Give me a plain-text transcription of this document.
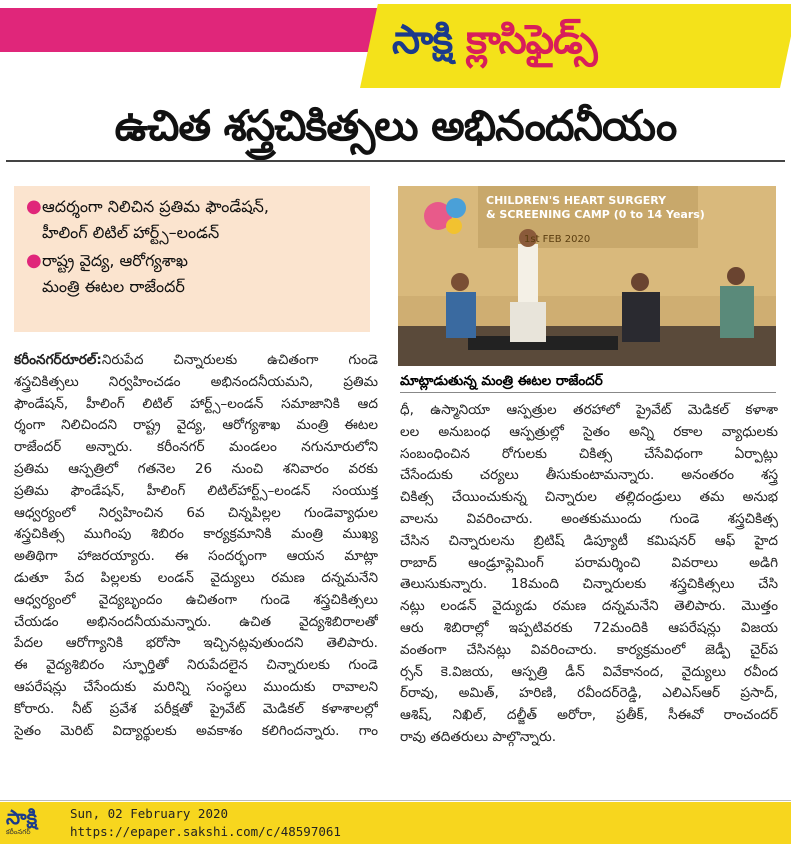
సాక్షి క్లాసిఫైడ్స్
ఉచిత శస్త్రచికిత్సలు అభినందనీయం
● ఆదర్శంగా నిలిచిన ప్రతిమ ఫౌండేషన్,
హీలింగ్ లిటిల్ హార్ట్స్–లండన్
● రాష్ట్ర వైద్య, ఆరోగ్యశాఖ
మంత్రి ఈటల రాజేందర్
CHILDREN'S HEART SURGERY
& SCREENING CAMP (0 to 14 Years)
1st FEB 2020
మాట్లాడుతున్న మంత్రి ఈటల రాజేందర్
కరీంనగర్‌రూరల్:నిరుపేద చిన్నారులకు ఉచితంగా గుండె
శస్త్రచికిత్సలు నిర్వహించడం అభినందనీయమని, ప్రతిమ
ఫౌండేషన్, హీలింగ్ లిటిల్ హార్ట్స్–లండన్ సమాజానికి ఆద
ర్శంగా నిలిచిందని రాష్ట్ర వైద్య, ఆరోగ్యశాఖ మంత్రి ఈటల
రాజేందర్ అన్నారు. కరీంనగర్ మండలం నగునూరులోని
ప్రతిమ ఆస్పత్రిలో గతనెల 26 నుంచి శనివారం వరకు
ప్రతిమ ఫౌండేషన్, హీలింగ్ లిటిల్‌హార్ట్స్–లండన్ సంయుక్త
ఆధ్వర్యంలో నిర్వహించిన 6వ చిన్నపిల్లల గుండెవ్యాధుల
శస్త్రచికిత్స ముగింపు శిబిరం కార్యక్రమానికి మంత్రి ముఖ్య
అతిథిగా హాజరయ్యారు. ఈ సందర్భంగా ఆయన మాట్లా
డుతూ పేద పిల్లలకు లండన్ వైద్యులు రమణ దన్నమనేని
ఆధ్వర్యంలో వైద్యబృందం ఉచితంగా గుండె శస్త్రచికిత్సలు
చేయడం అభినందనీయమన్నారు. ఉచిత వైద్యశిబిరాలతో
పేదల ఆరోగ్యానికి భరోసా ఇచ్చినట్లవుతుందని తెలిపారు.
ఈ వైద్యశిబిరం స్ఫూర్తితో నిరుపేదలైన చిన్నారులకు గుండె
ఆపరేషన్లు చేసేందుకు మరిన్ని సంస్థలు ముందుకు రావాలని
కోరారు. నీట్ ప్రవేశ పరీక్షతో ప్రైవేట్ మెడికల్ కళాశాలల్లో
సైతం మెరిట్ విద్యార్థులకు అవకాశం కలిగిందన్నారు. గాం
ధీ, ఉస్మానియా ఆస్పత్రుల తరహాలో ప్రైవేట్ మెడికల్ కళాశా
లల అనుబంధ ఆస్పత్రుల్లో సైతం అన్ని రకాల వ్యాధులకు
సంబంధించిన రోగులకు చికిత్స చేసేవిధంగా ఏర్పాట్లు
చేసేందుకు చర్యలు తీసుకుంటామన్నారు. అనంతరం శస్త్ర
చికిత్స చేయించుకున్న చిన్నారుల తల్లిదండ్రులు తమ అనుభ
వాలను వివరించారు. అంతకుముందు గుండె శస్త్రచికిత్స
చేసిన చిన్నారులను బ్రిటిష్ డిప్యూటీ కమిషనర్ ఆఫ్ హైద
రాబాద్ ఆండ్రూఫ్లెమింగ్ పరామర్శించి వివరాలు అడిగి
తెలుసుకున్నారు. 18మంది చిన్నారులకు శస్త్రచికిత్సలు చేసి
నట్లు లండన్ వైద్యుడు రమణ దన్నమనేని తెలిపారు. మొత్తం
ఆరు శిబిరాల్లో ఇప్పటివరకు 72మందికి ఆపరేషన్లు విజయ
వంతంగా చేసినట్లు వివరించారు. కార్యక్రమంలో జెడ్పీ చైర్‌ప
ర్సన్ కె.విజయ, ఆస్పత్రి డీన్ వివేకానంద, వైద్యులు రవీంద
ర్‌రావు, అమిత్, హరిణి, రవీందర్‌రెడ్డి, ఎలిఎస్ఆర్ ప్రసాద్,
ఆశిష్, నిఖిల్, దల్జీత్ అరోరా, ప్రతీక్, సీఈవో రాంచందర్
రావు తదితరులు పాల్గొన్నారు.
సాక్షి
కరీంనగర్
Sun, 02 February 2020
https://epaper.sakshi.com/c/48597061
